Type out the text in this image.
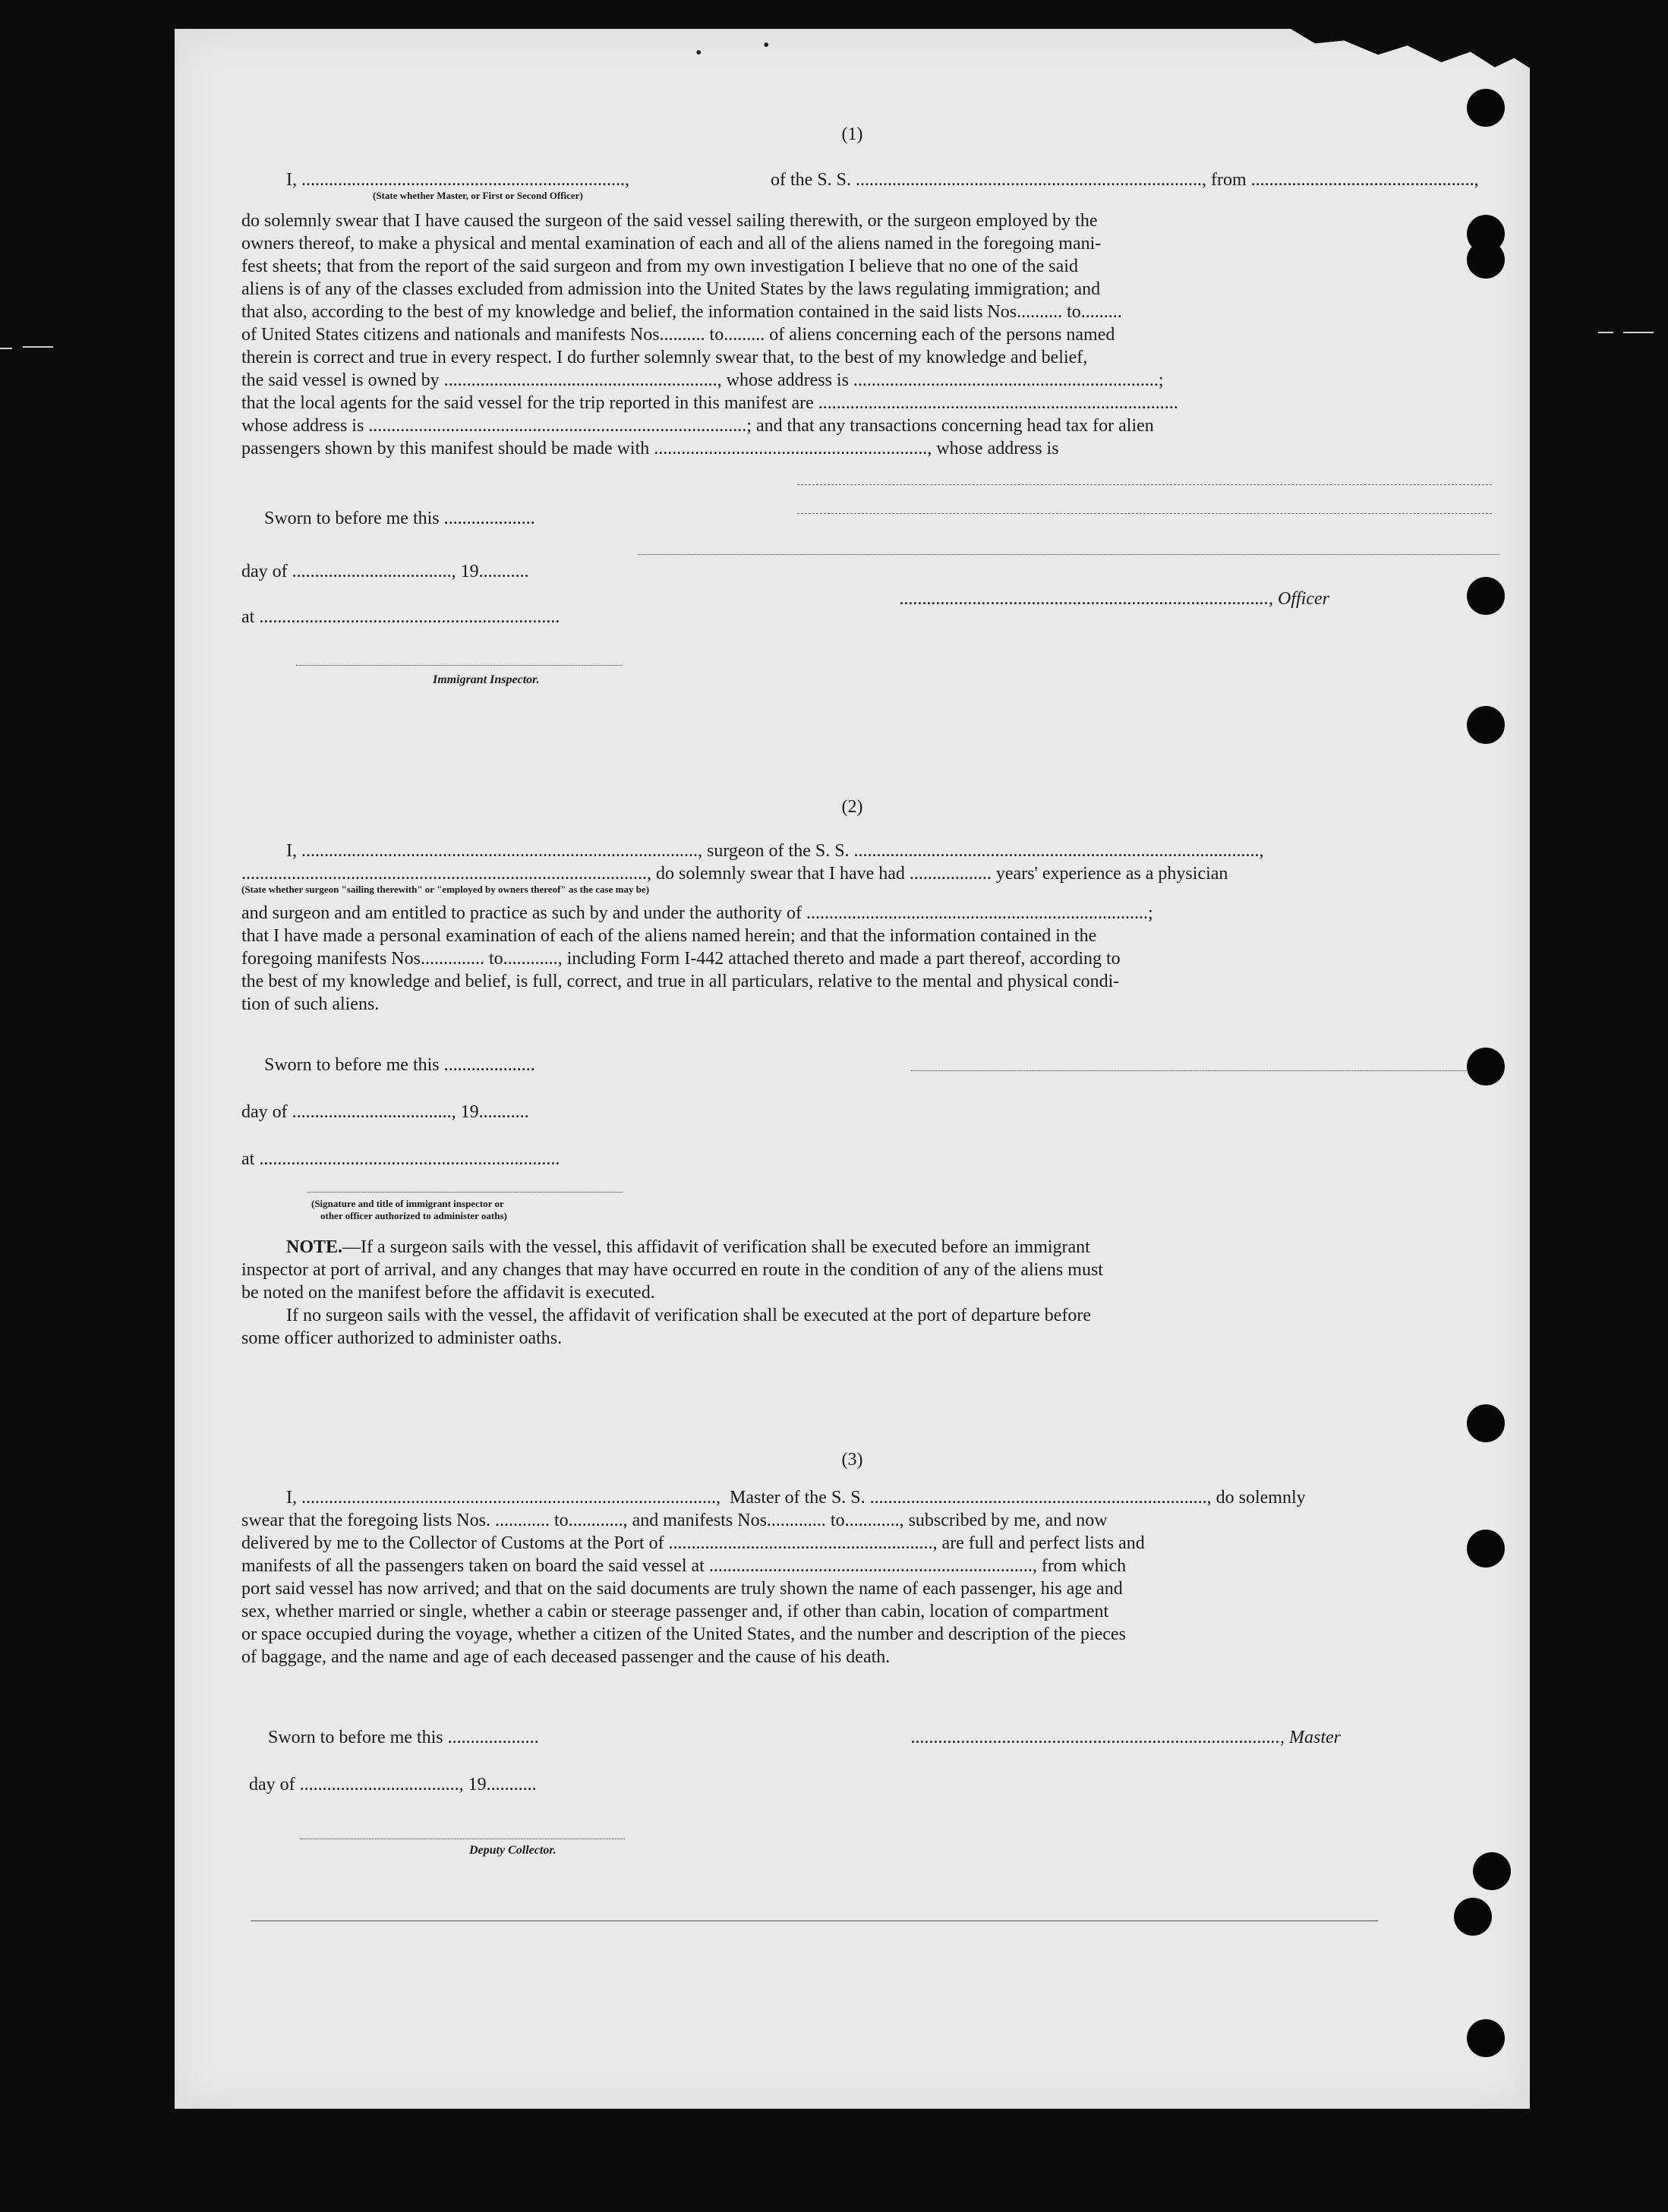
(1)
I, .......................................................................,	of the S. S. ............................................................................, from .................................................,
(State whether Master, or First or Second Officer)
do solemnly swear that I have caused the surgeon of the said vessel sailing therewith, or the surgeon employed by the
owners thereof, to make a physical and mental examination of each and all of the aliens named in the foregoing mani-
fest sheets; that from the report of the said surgeon and from my own investigation I believe that no one of the said
aliens is of any of the classes excluded from admission into the United States by the laws regulating immigration; and
that also, according to the best of my knowledge and belief, the information contained in the said lists Nos.......... to.........
of United States citizens and nationals and manifests Nos.......... to......... of aliens concerning each of the persons named
therein is correct and true in every respect. I do further solemnly swear that, to the best of my knowledge and belief,
the said vessel is owned by ............................................................, whose address is ...................................................................;
that the local agents for the said vessel for the trip reported in this manifest are ...............................................................................
whose address is ...................................................................................; and that any transactions concerning head tax for alien
passengers shown by this manifest should be made with ............................................................, whose address is
Sworn to before me this ....................
day of ..................................., 19...........
................................................................................., Officer
at ..................................................................
Immigrant Inspector.
(2)
I, ......................................................................................., surgeon of the S. S. .........................................................................................,
........................................................................................., do solemnly swear that I have had .................. years' experience as a physician
(State whether surgeon "sailing therewith" or "employed by owners thereof" as the case may be)
and surgeon and am entitled to practice as such by and under the authority of ...........................................................................;
that I have made a personal examination of each of the aliens named herein; and that the information contained in the
foregoing manifests Nos.............. to............, including Form I-442 attached thereto and made a part thereof, according to
the best of my knowledge and belief, is full, correct, and true in all particulars, relative to the mental and physical condi-
tion of such aliens.
Sworn to before me this ....................
day of ..................................., 19...........
at ..................................................................
(Signature and title of immigrant inspector or
other officer authorized to administer oaths)
NOTE.—If a surgeon sails with the vessel, this affidavit of verification shall be executed before an immigrant
inspector at port of arrival, and any changes that may have occurred en route in the condition of any of the aliens must
be noted on the manifest before the affidavit is executed.
If no surgeon sails with the vessel, the affidavit of verification shall be executed at the port of departure before
some officer authorized to administer oaths.
(3)
I, ...........................................................................................,  Master of the S. S. .........................................................................., do solemnly
swear that the foregoing lists Nos. ............ to............, and manifests Nos............. to............, subscribed by me, and now
delivered by me to the Collector of Customs at the Port of .........................................................., are full and perfect lists and
manifests of all the passengers taken on board the said vessel at ......................................................................., from which
port said vessel has now arrived; and that on the said documents are truly shown the name of each passenger, his age and
sex, whether married or single, whether a cabin or steerage passenger and, if other than cabin, location of compartment
or space occupied during the voyage, whether a citizen of the United States, and the number and description of the pieces
of baggage, and the name and age of each deceased passenger and the cause of his death.
Sworn to before me this ....................	................................................................................., Master
day of ..................................., 19...........
Deputy Collector.
•	•
